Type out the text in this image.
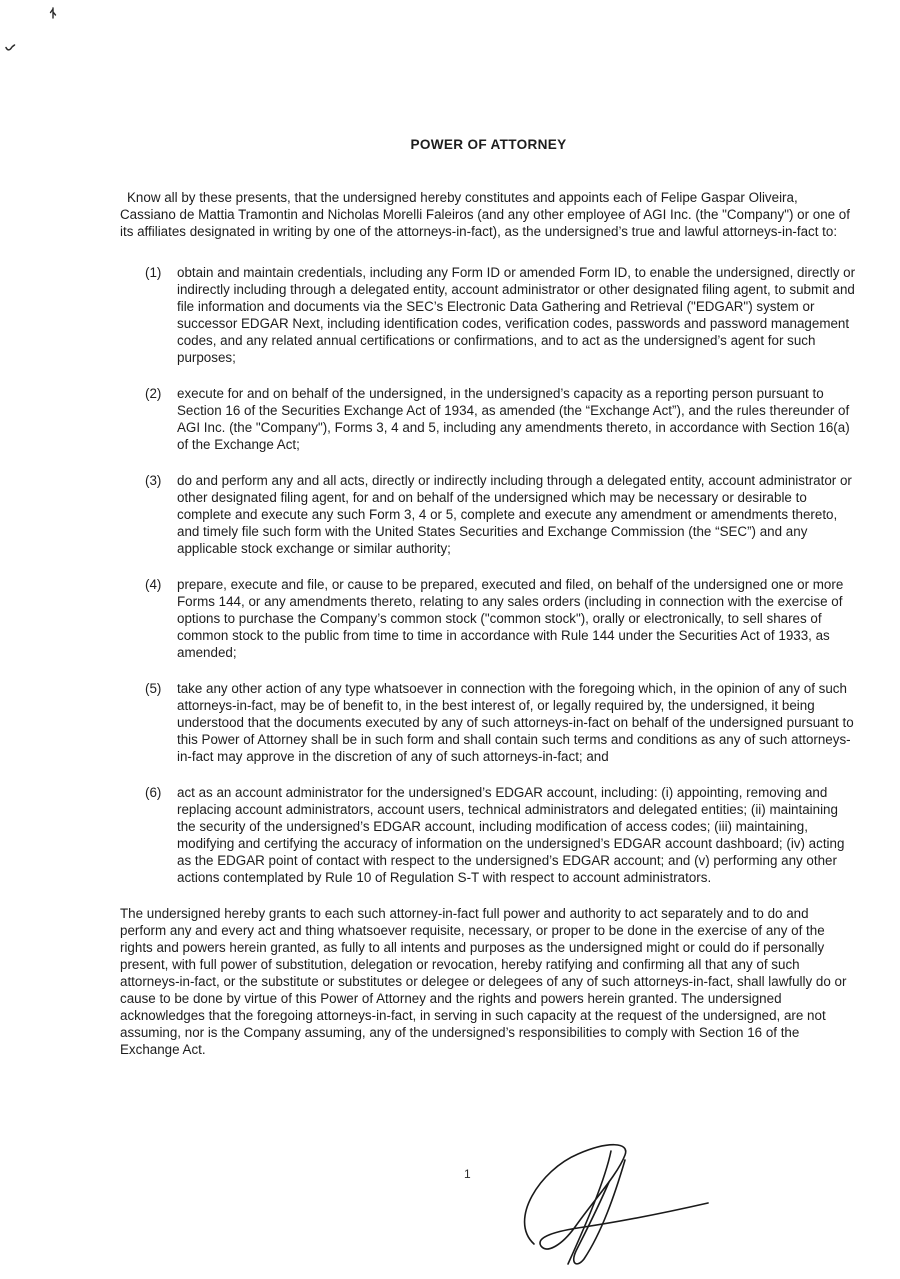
POWER OF ATTORNEY

Know all by these presents, that the undersigned hereby constitutes and appoints each of Felipe Gaspar Oliveira, Cassiano de Mattia Tramontin and Nicholas Morelli Faleiros (and any other employee of AGI Inc. (the "Company") or one of its affiliates designated in writing by one of the attorneys-in-fact), as the undersigned’s true and lawful attorneys-in-fact to:

(1)	obtain and maintain credentials, including any Form ID or amended Form ID, to enable the undersigned, directly or indirectly including through a delegated entity, account administrator or other designated filing agent, to submit and file information and documents via the SEC’s Electronic Data Gathering and Retrieval ("EDGAR") system or successor EDGAR Next, including identification codes, verification codes, passwords and password management codes, and any related annual certifications or confirmations, and to act as the undersigned’s agent for such purposes;
(2)	execute for and on behalf of the undersigned, in the undersigned’s capacity as a reporting person pursuant to Section 16 of the Securities Exchange Act of 1934, as amended (the “Exchange Act”), and the rules thereunder of AGI Inc. (the "Company"), Forms 3, 4 and 5, including any amendments thereto, in accordance with Section 16(a) of the Exchange Act;
(3)	do and perform any and all acts, directly or indirectly including through a delegated entity, account administrator or other designated filing agent, for and on behalf of the undersigned which may be necessary or desirable to complete and execute any such Form 3, 4 or 5, complete and execute any amendment or amendments thereto, and timely file such form with the United States Securities and Exchange Commission (the “SEC”) and any applicable stock exchange or similar authority;
(4)	prepare, execute and file, or cause to be prepared, executed and filed, on behalf of the undersigned one or more Forms 144, or any amendments thereto, relating to any sales orders (including in connection with the exercise of options to purchase the Company’s common stock ("common stock"), orally or electronically, to sell shares of common stock to the public from time to time in accordance with Rule 144 under the Securities Act of 1933, as amended;
(5)	take any other action of any type whatsoever in connection with the foregoing which, in the opinion of any of such attorneys-in-fact, may be of benefit to, in the best interest of, or legally required by, the undersigned, it being understood that the documents executed by any of such attorneys-in-fact on behalf of the undersigned pursuant to this Power of Attorney shall be in such form and shall contain such terms and conditions as any of such attorneys-in-fact may approve in the discretion of any of such attorneys-in-fact; and
(6)	act as an account administrator for the undersigned’s EDGAR account, including: (i) appointing, removing and replacing account administrators, account users, technical administrators and delegated entities; (ii) maintaining the security of the undersigned’s EDGAR account, including modification of access codes; (iii) maintaining, modifying and certifying the accuracy of information on the undersigned’s EDGAR account dashboard; (iv) acting as the EDGAR point of contact with respect to the undersigned’s EDGAR account; and (v) performing any other actions contemplated by Rule 10 of Regulation S-T with respect to account administrators.

The undersigned hereby grants to each such attorney-in-fact full power and authority to act separately and to do and perform any and every act and thing whatsoever requisite, necessary, or proper to be done in the exercise of any of the rights and powers herein granted, as fully to all intents and purposes as the undersigned might or could do if personally present, with full power of substitution, delegation or revocation, hereby ratifying and confirming all that any of such attorneys-in-fact, or the substitute or substitutes or delegee or delegees of any of such attorneys-in-fact, shall lawfully do or cause to be done by virtue of this Power of Attorney and the rights and powers herein granted. The undersigned acknowledges that the foregoing attorneys-in-fact, in serving in such capacity at the request of the undersigned, are not assuming, nor is the Company assuming, any of the undersigned’s responsibilities to comply with Section 16 of the Exchange Act.

1
